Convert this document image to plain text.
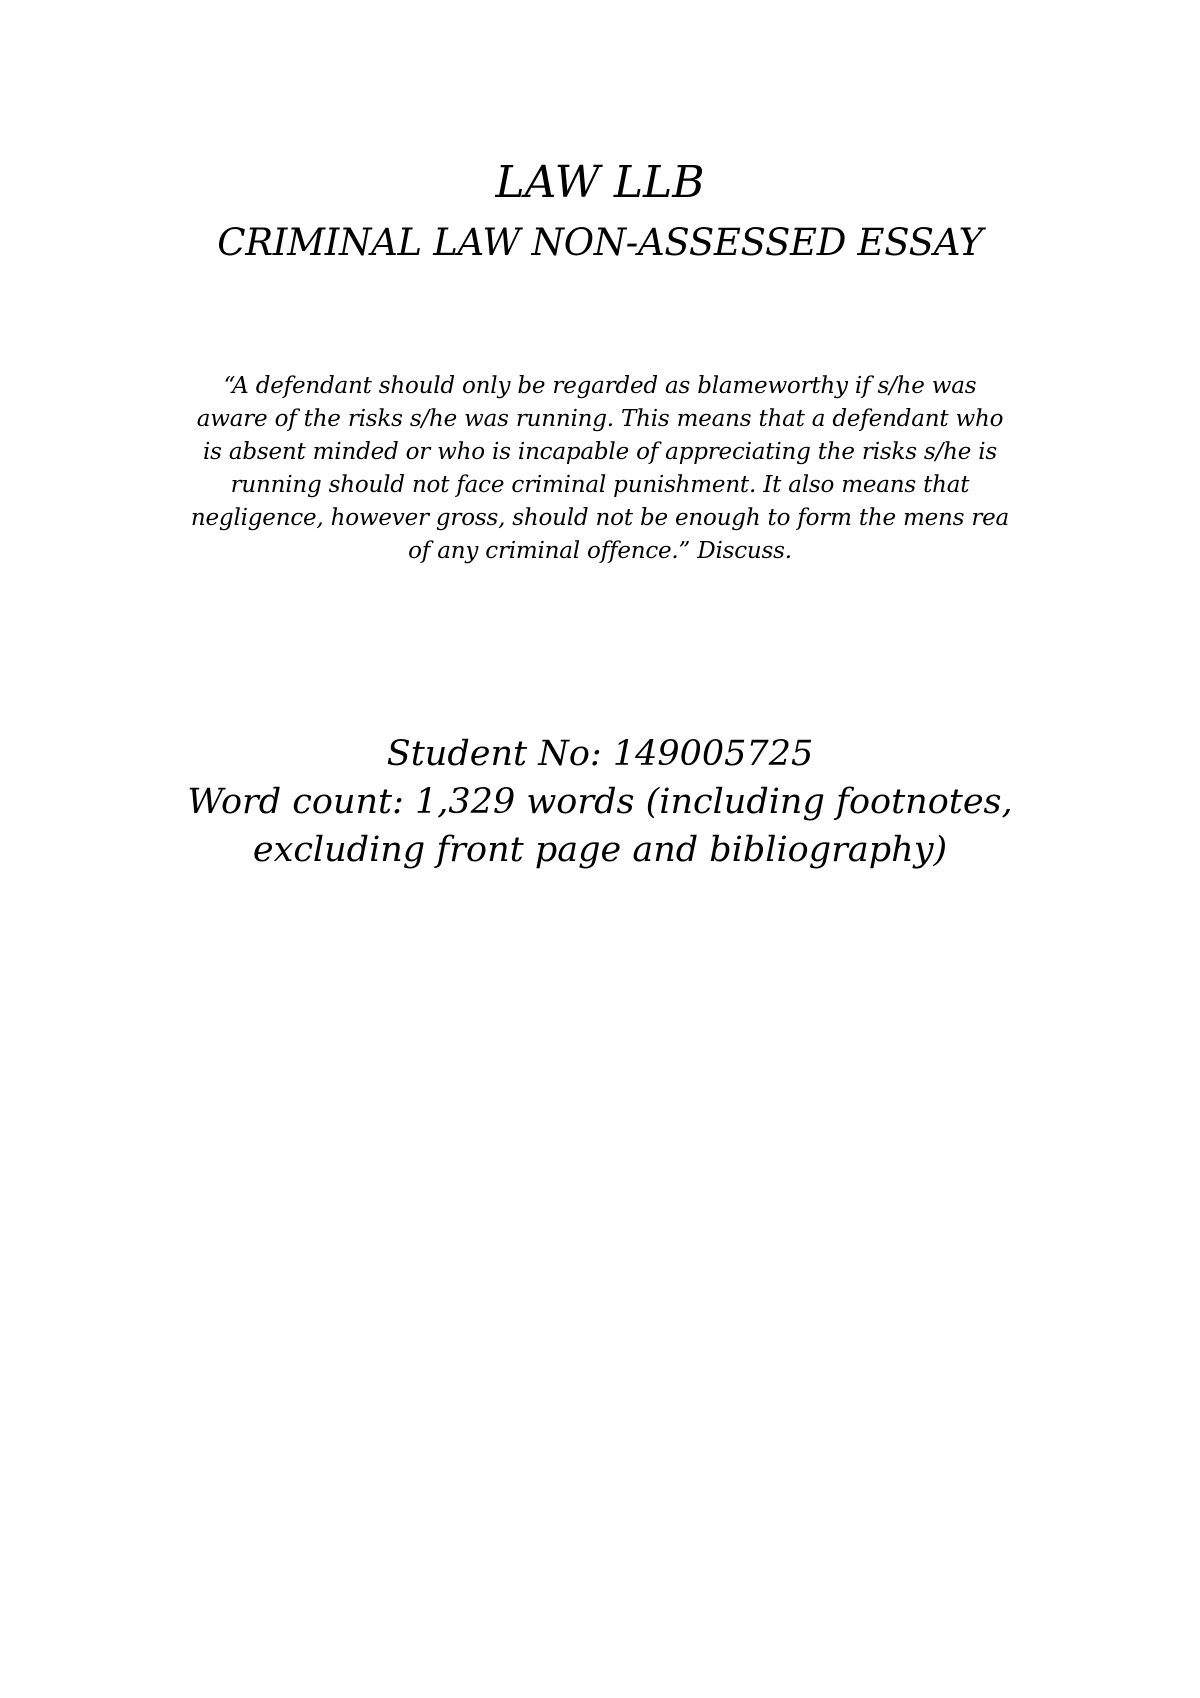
LAW LLB
CRIMINAL LAW NON-ASSESSED ESSAY

“A defendant should only be regarded as blameworthy if s/he was aware of the risks s/he was running. This means that a defendant who is absent minded or who is incapable of appreciating the risks s/he is running should not face criminal punishment. It also means that negligence, however gross, should not be enough to form the mens rea of any criminal offence.” Discuss.

Student No: 149005725
Word count: 1,329 words (including footnotes,
excluding front page and bibliography)
